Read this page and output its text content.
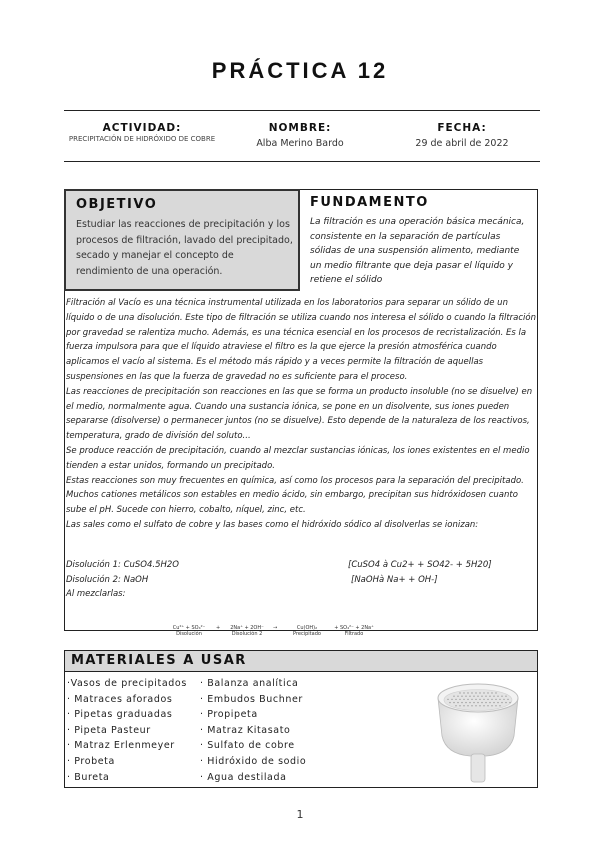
PRÁCTICA 12
ACTIVIDAD:
PRECIPITACIÓN DE HIDRÓXIDO DE COBRE
NOMBRE:
Alba Merino Bardo
FECHA:
29 de abril de 2022
OBJETIVO
Estudiar las reacciones de precipitación y los procesos de filtración, lavado del precipitado, secado y manejar el concepto de rendimiento de una operación.
FUNDAMENTO
La filtración es una operación básica mecánica, consistente en la separación de partículas sólidas de una suspensión alimento, mediante un medio filtrante que deja pasar el líquido y retiene el sólido

Filtración al Vacío es una técnica instrumental utilizada en los laboratorios para separar un sólido de un líquido o de una disolución. Este tipo de filtración se utiliza cuando nos interesa el sólido o cuando la filtración por gravedad se ralentiza mucho. Además, es una técnica esencial en los procesos de recristalización. Es la fuerza impulsora para que el líquido atraviese el filtro es la que ejerce la presión atmosférica cuando aplicamos el vacío al sistema. Es el método más rápido y a veces permite la filtración de aquellas suspensiones en las que la fuerza de gravedad no es suficiente para el proceso.

Las reacciones de precipitación son reacciones en las que se forma un producto insoluble (no se disuelve) en el medio, normalmente agua. Cuando una sustancia iónica, se pone en un disolvente, sus iones pueden separarse (disolverse) o permanecer juntos (no se disuelve). Esto depende de la naturaleza de los reactivos, temperatura, grado de división del soluto...

Se produce reacción de precipitación, cuando al mezclar sustancias iónicas, los iones existentes en el medio tienden a estar unidos, formando un precipitado.

Estas reacciones son muy frecuentes en química, así como los procesos para la separación del precipitado.

Muchos cationes metálicos son estables en medio ácido, sin embargo, precipitan sus hidróxidosen cuanto sube el pH. Sucede con hierro, cobalto, níquel, zinc, etc.

Las sales como el sulfato de cobre y las bases como el hidróxido sódico al disolverlas se ionizan:

Disolución 1: CuSO4.5H2O	[CuSO4 à Cu2+ + SO42- + 5H20]
Disolución 2: NaOH	[NaOHà Na+ + OH-]
Al mezclarlas:
Cu²⁺ + SO₄²⁻
Disolución
+	2Na⁺ + 2OH⁻
Disolución 2
→	Cu(OH)₂
Precipitado
+ SO₄²⁻ + 2Na⁺
Filtrado
MATERIALES A USAR
·Vasos de precipitados
· Matraces aforados
· Pipetas graduadas
· Pipeta Pasteur
· Matraz Erlenmeyer
· Probeta
· Bureta
· Balanza analítica
· Embudos Buchner
· Propipeta
· Matraz Kitasato
· Sulfato de cobre
· Hidróxido de sodio
· Agua destilada
1
